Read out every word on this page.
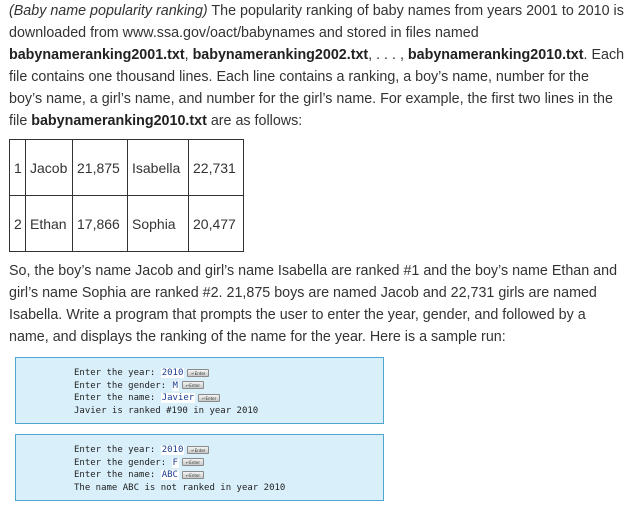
(Baby name popularity ranking) The popularity ranking of baby names from years 2001 to 2010 is downloaded from www.ssa.gov/oact/babynames and stored in files named babynameranking2001.txt, babynameranking2002.txt, . . . , babynameranking2010.txt. Each file contains one thousand lines. Each line contains a ranking, a boy’s name, number for the boy’s name, a girl’s name, and number for the girl’s name. For example, the first two lines in the file babynameranking2010.txt are as follows:

1	Jacob	21,875	Isabella	22,731
2	Ethan	17,866	Sophia	20,477

So, the boy’s name Jacob and girl’s name Isabella are ranked #1 and the boy’s name Ethan and girl’s name Sophia are ranked #2. 21,875 boys are named Jacob and 22,731 girls are named Isabella. Write a program that prompts the user to enter the year, gender, and followed by a name, and displays the ranking of the name for the year. Here is a sample run:

Enter the year: 2010 ↵Enter
Enter the gender: M ↵Enter
Enter the name: Javier ↵Enter
Javier is ranked #190 in year 2010
Enter the year: 2010 ↵Enter
Enter the gender: F ↵Enter
Enter the name: ABC ↵Enter
The name ABC is not ranked in year 2010
